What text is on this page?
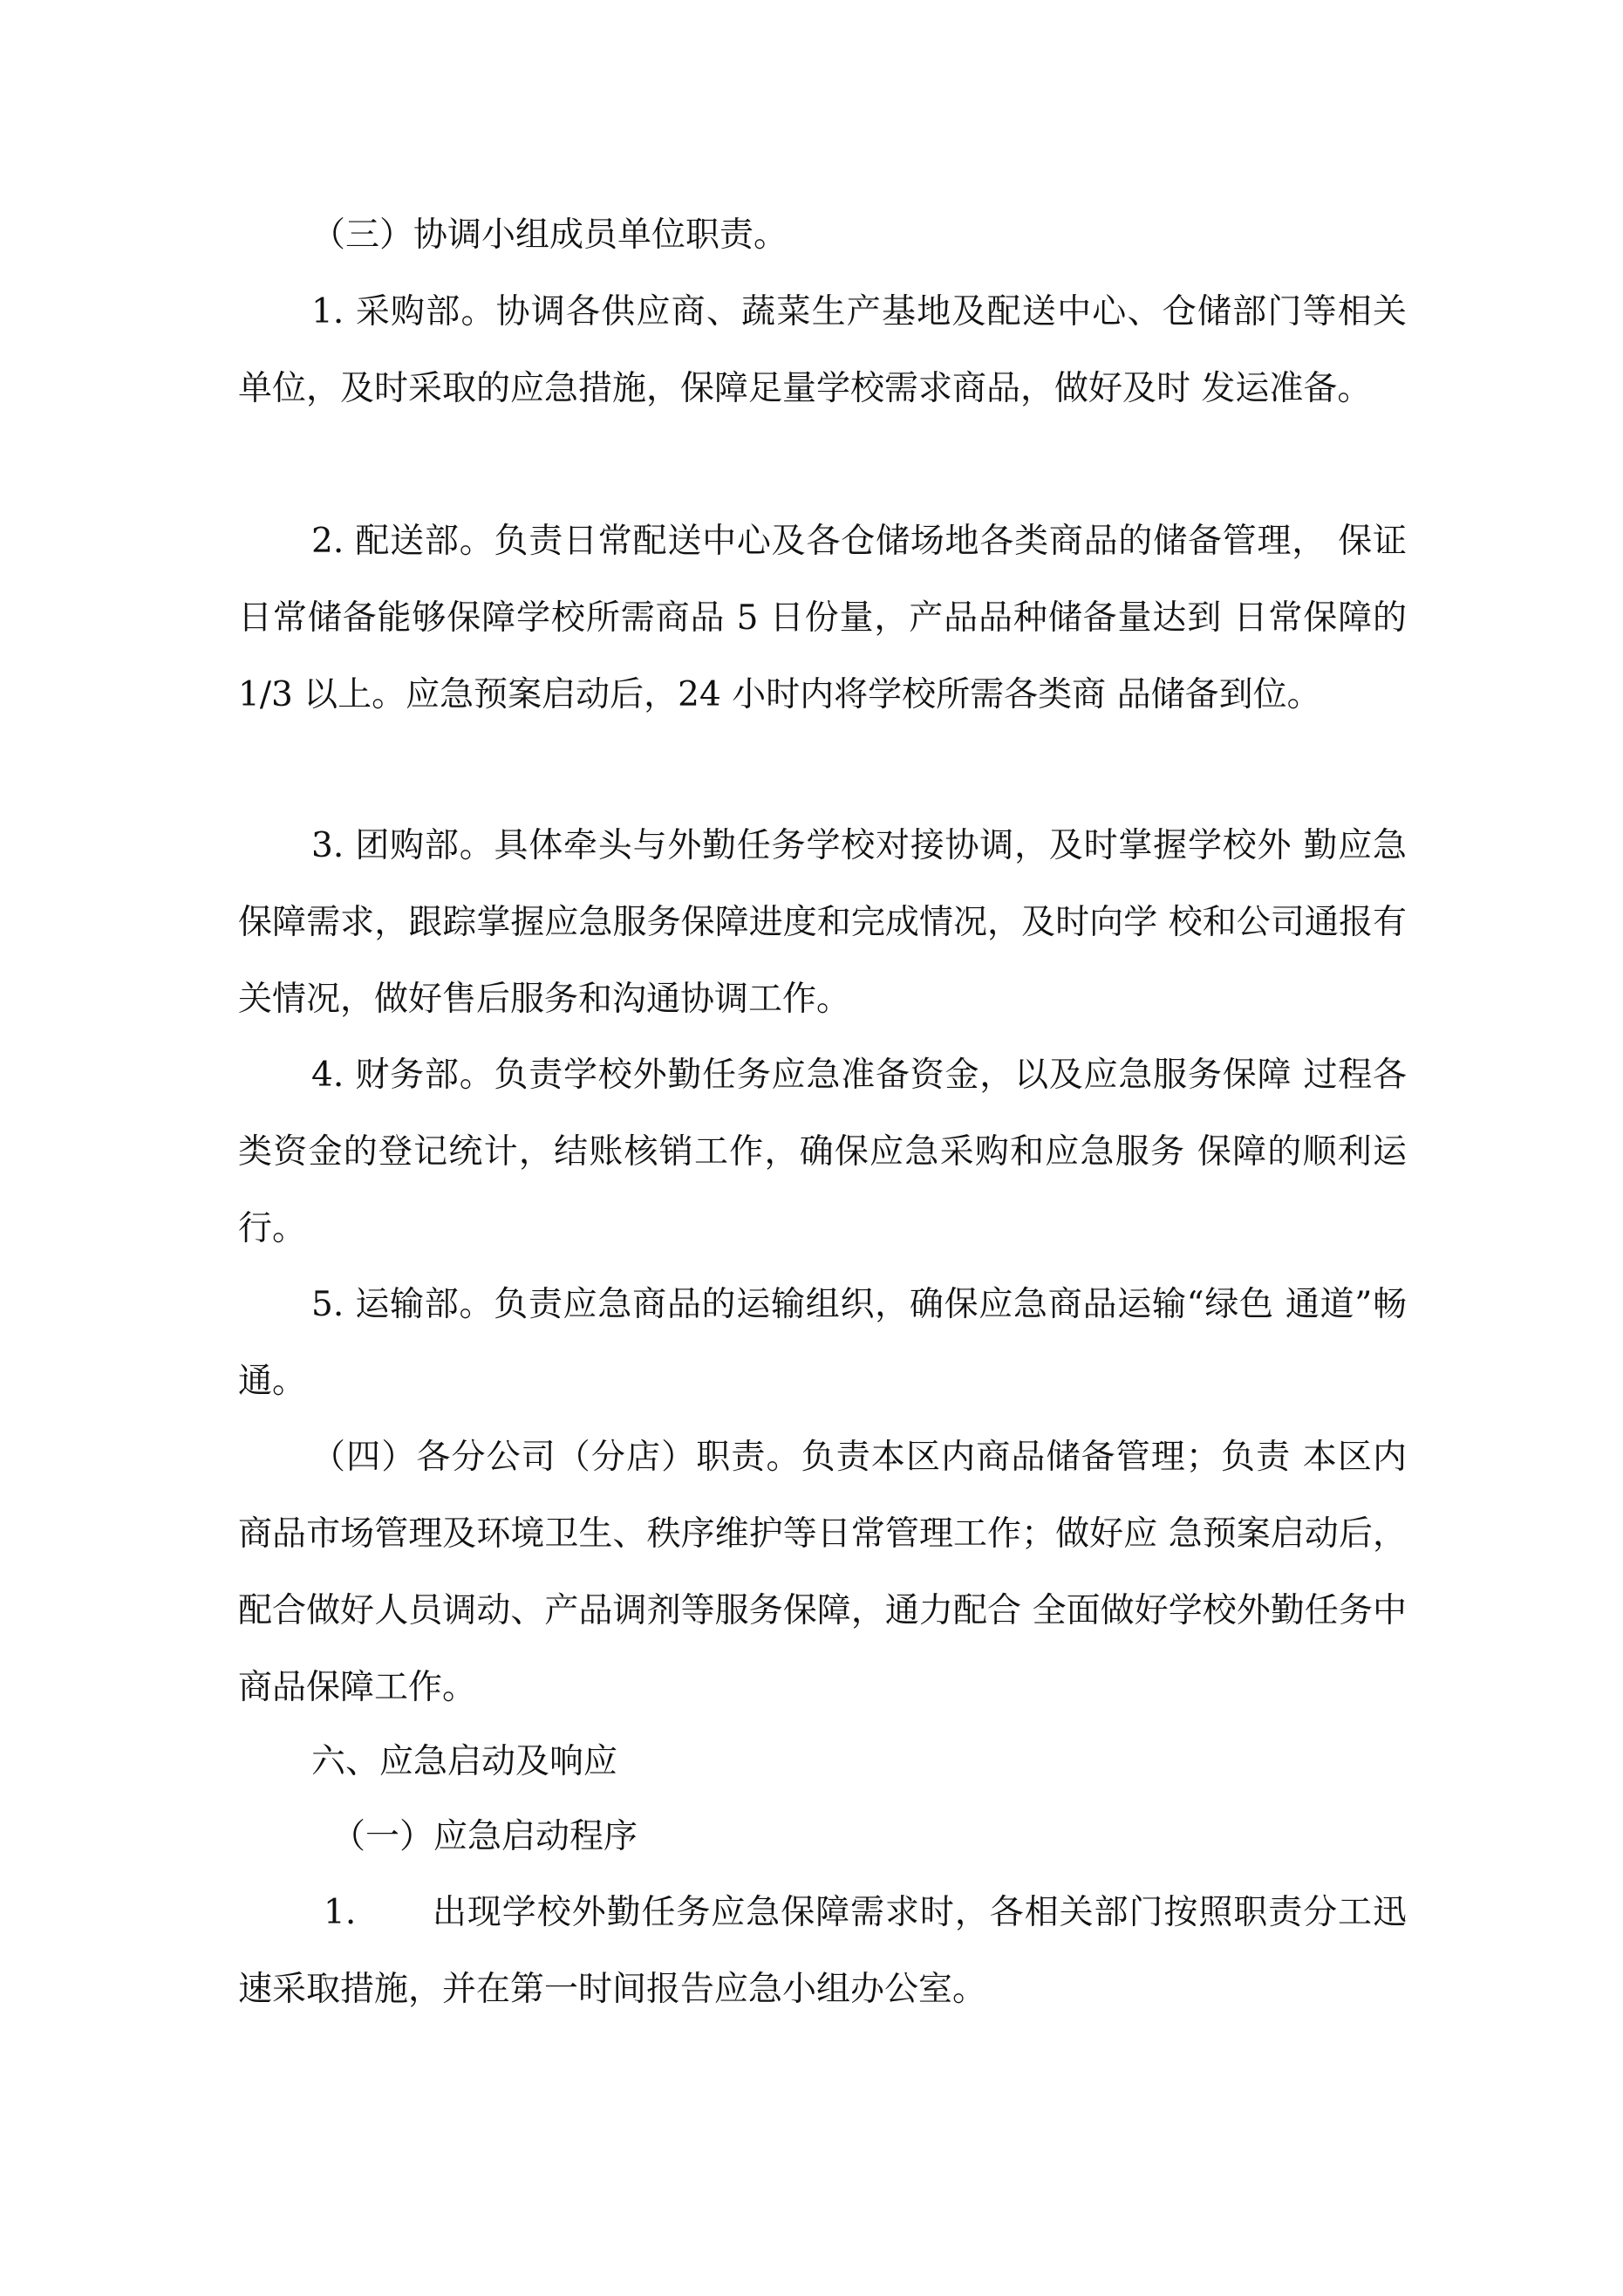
（三）协调小组成员单位职责。

1. 采购部。协调各供应商、蔬菜生产基地及配送中心、仓储部门等相关单位，及时采取的应急措施，保障足量学校需求商品，做好及时 发运准备。

2. 配送部。负责日常配送中心及各仓储场地各类商品的储备管理， 保证日常储备能够保障学校所需商品 5 日份量，产品品种储备量达到 日常保障的 1/3 以上。应急预案启动后，24 小时内将学校所需各类商 品储备到位。

3. 团购部。具体牵头与外勤任务学校对接协调，及时掌握学校外 勤应急保障需求，跟踪掌握应急服务保障进度和完成情况，及时向学 校和公司通报有关情况，做好售后服务和沟通协调工作。

4. 财务部。负责学校外勤任务应急准备资金，以及应急服务保障 过程各类资金的登记统计，结账核销工作，确保应急采购和应急服务 保障的顺利运行。

5. 运输部。负责应急商品的运输组织，确保应急商品运输“绿色 通道”畅通。

（四）各分公司（分店）职责。负责本区内商品储备管理；负责 本区内商品市场管理及环境卫生、秩序维护等日常管理工作；做好应 急预案启动后，配合做好人员调动、产品调剂等服务保障，通力配合 全面做好学校外勤任务中商品保障工作。

六、应急启动及响应

（一）应急启动程序

1. 出现学校外勤任务应急保障需求时，各相关部门按照职责分工迅速采取措施，并在第一时间报告应急小组办公室。
